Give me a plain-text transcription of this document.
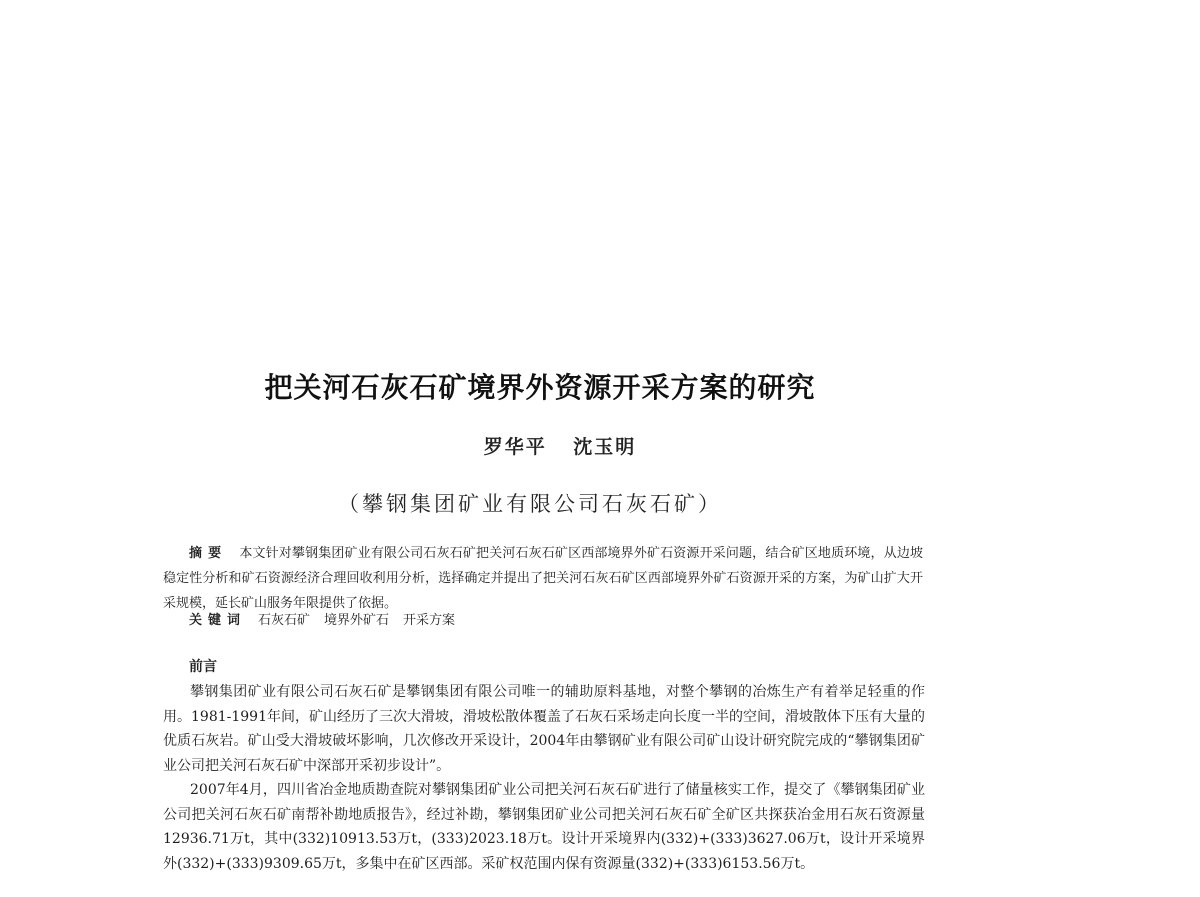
把关河石灰石矿境界外资源开采方案的研究

罗华平 沈玉明

（攀钢集团矿业有限公司石灰石矿）

摘要 本文针对攀钢集团矿业有限公司石灰石矿把关河石灰石矿区西部境界外矿石资源开采问题，结合矿区地质环境，从边坡稳定性分析和矿石资源经济合理回收利用分析，选择确定并提出了把关河石灰石矿区西部境界外矿石资源开采的方案，为矿山扩大开采规模，延长矿山服务年限提供了依据。

关键词 石灰石矿 境界外矿石 开采方案

前言

攀钢集团矿业有限公司石灰石矿是攀钢集团有限公司唯一的辅助原料基地，对整个攀钢的冶炼生产有着举足轻重的作用。1981-1991年间，矿山经历了三次大滑坡，滑坡松散体覆盖了石灰石采场走向长度一半的空间，滑坡散体下压有大量的优质石灰岩。矿山受大滑坡破坏影响，几次修改开采设计，2004年由攀钢矿业有限公司矿山设计研究院完成的“攀钢集团矿业公司把关河石灰石矿中深部开采初步设计”。

2007年4月，四川省冶金地质勘查院对攀钢集团矿业公司把关河石灰石矿进行了储量核实工作，提交了《攀钢集团矿业公司把关河石灰石矿南帮补勘地质报告》，经过补勘，攀钢集团矿业公司把关河石灰石矿全矿区共探获冶金用石灰石资源量12936.71万t，其中(332)10913.53万t，(333)2023.18万t。设计开采境界内(332)+(333)3627.06万t，设计开采境界外(332)+(333)9309.65万t，多集中在矿区西部。采矿权范围内保有资源量(332)+(333)6153.56万t。
